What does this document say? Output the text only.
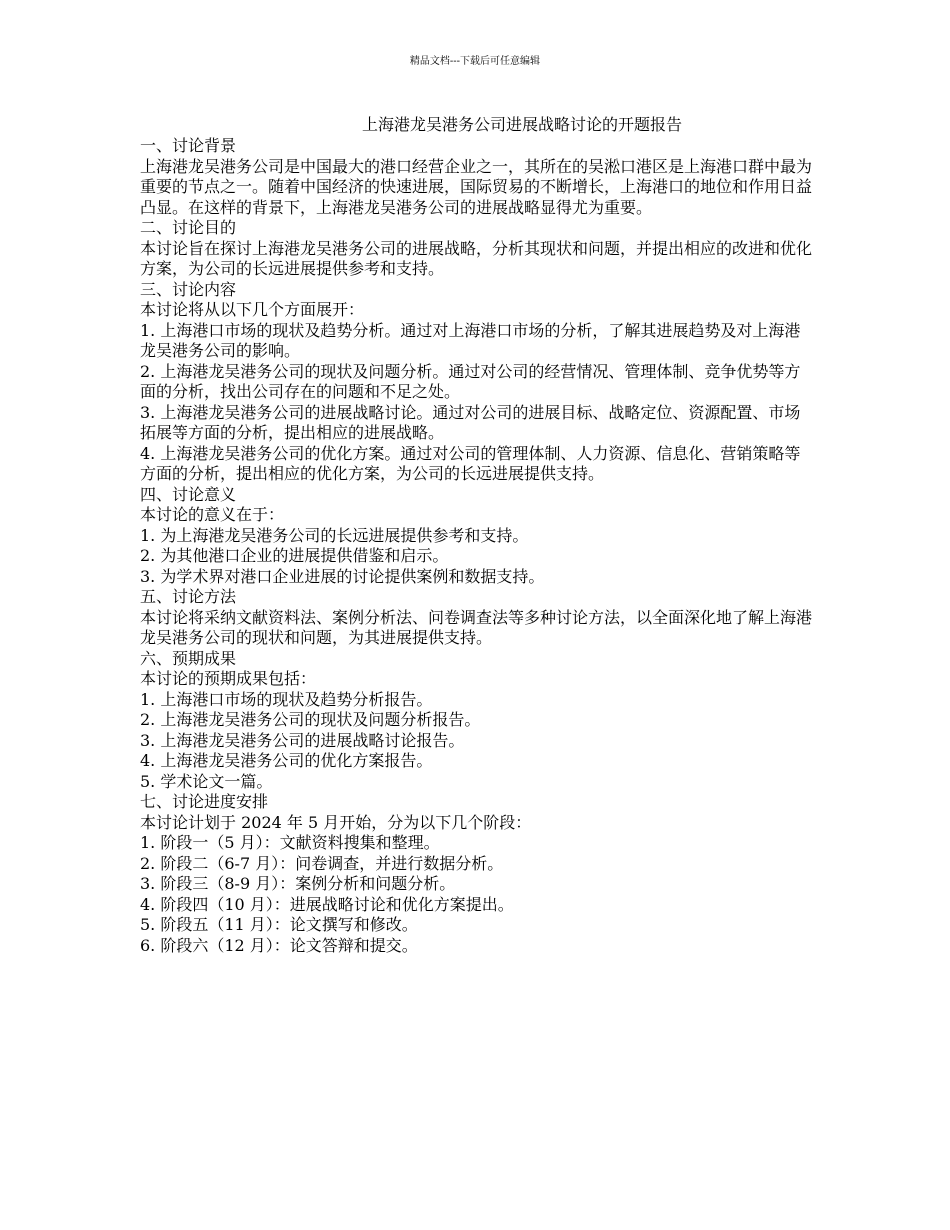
精品文档---下载后可任意编辑
上海港龙吴港务公司进展战略讨论的开题报告

一、讨论背景

上海港龙吴港务公司是中国最大的港口经营企业之一，其所在的吴淞口港区是上海港口群中最为重要的节点之一。随着中国经济的快速进展，国际贸易的不断增长，上海港口的地位和作用日益凸显。在这样的背景下，上海港龙吴港务公司的进展战略显得尤为重要。

二、讨论目的

本讨论旨在探讨上海港龙吴港务公司的进展战略，分析其现状和问题，并提出相应的改进和优化方案，为公司的长远进展提供参考和支持。

三、讨论内容

本讨论将从以下几个方面展开：

1. 上海港口市场的现状及趋势分析。通过对上海港口市场的分析，了解其进展趋势及对上海港龙吴港务公司的影响。

2. 上海港龙吴港务公司的现状及问题分析。通过对公司的经营情况、管理体制、竞争优势等方面的分析，找出公司存在的问题和不足之处。

3. 上海港龙吴港务公司的进展战略讨论。通过对公司的进展目标、战略定位、资源配置、市场拓展等方面的分析，提出相应的进展战略。

4. 上海港龙吴港务公司的优化方案。通过对公司的管理体制、人力资源、信息化、营销策略等方面的分析，提出相应的优化方案，为公司的长远进展提供支持。

四、讨论意义

本讨论的意义在于：

1. 为上海港龙吴港务公司的长远进展提供参考和支持。

2. 为其他港口企业的进展提供借鉴和启示。

3. 为学术界对港口企业进展的讨论提供案例和数据支持。

五、讨论方法

本讨论将采纳文献资料法、案例分析法、问卷调查法等多种讨论方法，以全面深化地了解上海港龙吴港务公司的现状和问题，为其进展提供支持。

六、预期成果

本讨论的预期成果包括：

1. 上海港口市场的现状及趋势分析报告。

2. 上海港龙吴港务公司的现状及问题分析报告。

3. 上海港龙吴港务公司的进展战略讨论报告。

4. 上海港龙吴港务公司的优化方案报告。

5. 学术论文一篇。

七、讨论进度安排

本讨论计划于 2024 年 5 月开始，分为以下几个阶段：

1. 阶段一（5 月）：文献资料搜集和整理。

2. 阶段二（6-7 月）：问卷调查，并进行数据分析。

3. 阶段三（8-9 月）：案例分析和问题分析。

4. 阶段四（10 月）：进展战略讨论和优化方案提出。

5. 阶段五（11 月）：论文撰写和修改。

6. 阶段六（12 月）：论文答辩和提交。
